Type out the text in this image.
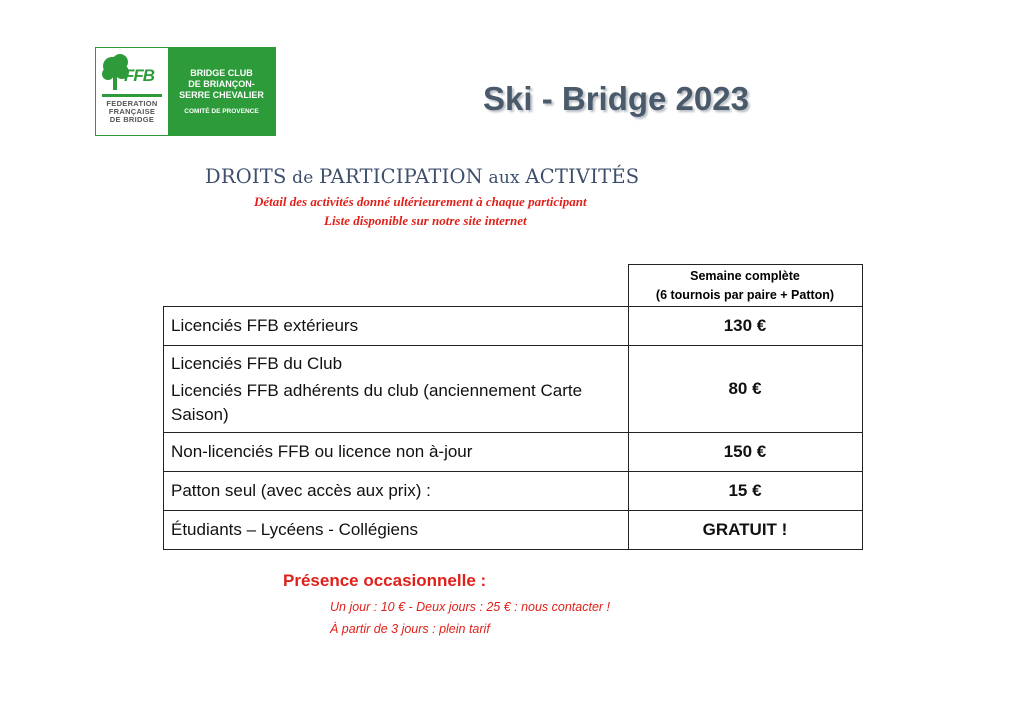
FFB
FEDERATION
FRANÇAISE
DE BRIDGE
BRIDGE CLUB
DE BRIANÇON-
SERRE CHEVALIER
COMITÉ DE PROVENCE	Ski - Bridge 2023
DROITS de PARTICIPATION aux ACTIVITÉS
Détail des activités donné ultérieurement à chaque participant
Liste disponible sur notre site internet

	Semaine complète
(6 tournois par paire + Patton)

Licenciés FFB extérieurs	130 €

Licenciés FFB du Club
Licenciés FFB adhérents du club (anciennement Carte Saison)	80 €
Non-licenciés FFB ou licence non à-jour	150 €
Patton seul (avec accès aux prix) :	15 €
Étudiants – Lycéens - Collégiens	GRATUIT !
Présence occasionnelle :
Un jour : 10 € - Deux jours : 25 € : nous contacter !
À partir de 3 jours : plein tarif
